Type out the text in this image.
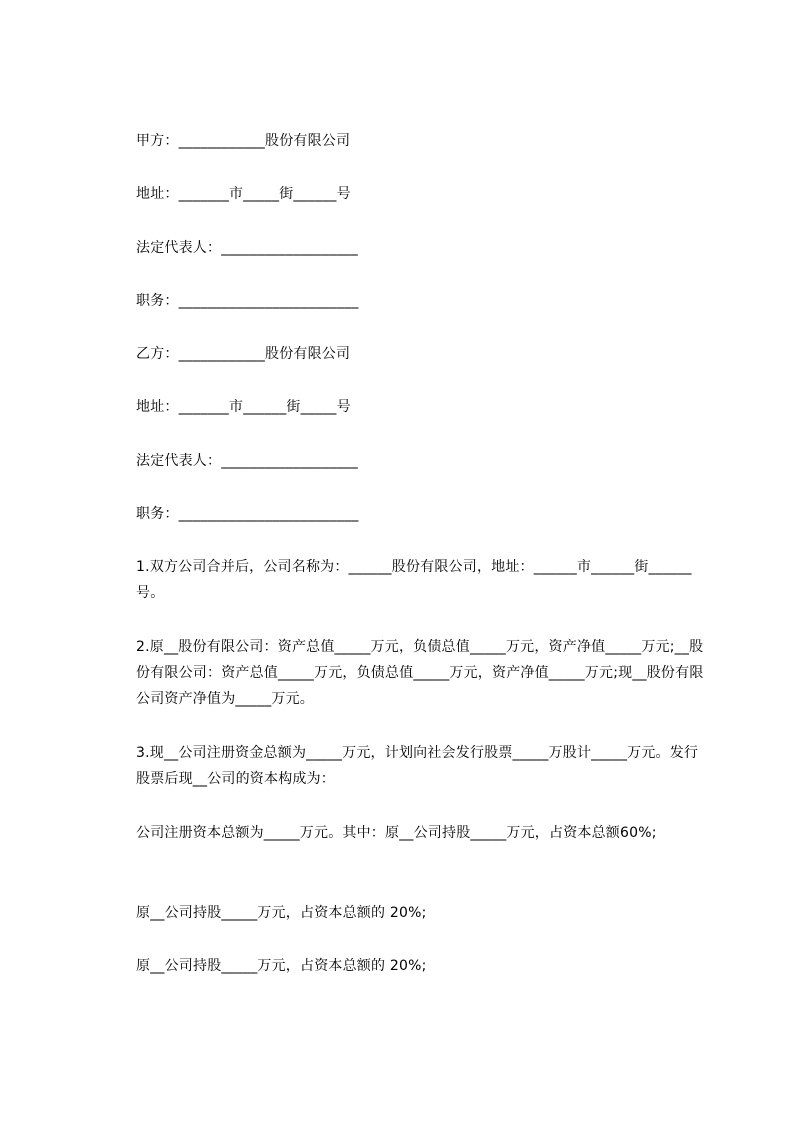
甲方：____________股份有限公司
地址：_______市_____街______号
法定代表人：___________________
职务：_________________________
乙方：____________股份有限公司
地址：_______市______街_____号
法定代表人：___________________
职务：_________________________
1.双方公司合并后，公司名称为：______股份有限公司，地址：______市______街______号。
2.原__股份有限公司：资产总值_____万元，负债总值_____万元，资产净值_____万元;__股份有限公司：资产总值_____万元，负债总值_____万元，资产净值_____万元;现__股份有限公司资产净值为_____万元。
3.现__公司注册资金总额为_____万元，计划向社会发行股票_____万股计_____万元。发行股票后现__公司的资本构成为：
公司注册资本总额为_____万元。其中：原__公司持股_____万元，占资本总额60%;
原__公司持股_____万元，占资本总额的 20%;
原__公司持股_____万元，占资本总额的 20%;
